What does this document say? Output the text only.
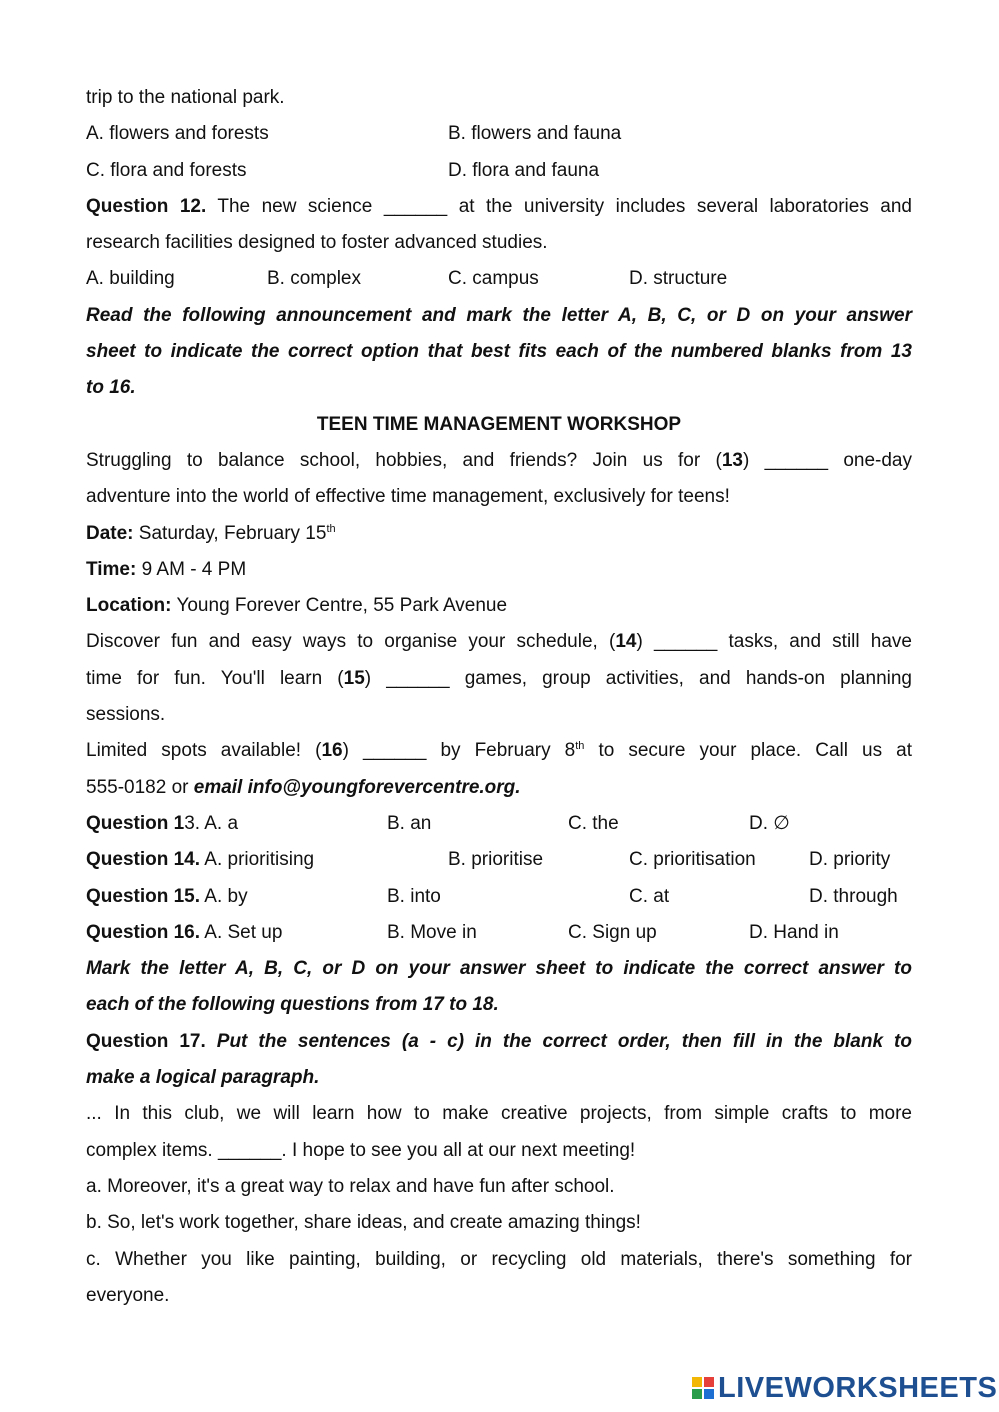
trip to the national park.
A. flowers and forests	B. flowers and fauna
C. flora and forests	D. flora and fauna
Question 12. The new science ______ at the university includes several laboratories and
research facilities designed to foster advanced studies.
A. building	B. complex	C. campus	D. structure
Read the following announcement and mark the letter A, B, C, or D on your answer
sheet to indicate the correct option that best fits each of the numbered blanks from 13
to 16.
TEEN TIME MANAGEMENT WORKSHOP
Struggling to balance school, hobbies, and friends? Join us for (13) ______ one-day
adventure into the world of effective time management, exclusively for teens!
Date: Saturday, February 15th
Time: 9 AM - 4 PM
Location: Young Forever Centre, 55 Park Avenue
Discover fun and easy ways to organise your schedule, (14) ______ tasks, and still have
time for fun. You'll learn (15) ______ games, group activities, and hands-on planning
sessions.
Limited spots available! (16) ______ by February 8th to secure your place. Call us at
555-0182 or email info@youngforevercentre.org.
Question 13. A. a	B. an	C. the	D. ∅
Question 14. A. prioritising	B. prioritise	C. prioritisation	D. priority
Question 15. A. by	B. into	C. at	D. through
Question 16. A. Set up	B. Move in	C. Sign up	D. Hand in
Mark the letter A, B, C, or D on your answer sheet to indicate the correct answer to
each of the following questions from 17 to 18.
Question 17. Put the sentences (a - c) in the correct order, then fill in the blank to
make a logical paragraph.
... In this club, we will learn how to make creative projects, from simple crafts to more
complex items. ______. I hope to see you all at our next meeting!
a. Moreover, it's a great way to relax and have fun after school.
b. So, let's work together, share ideas, and create amazing things!
c. Whether you like painting, building, or recycling old materials, there's something for
everyone.
LIVEWORKSHEETS
